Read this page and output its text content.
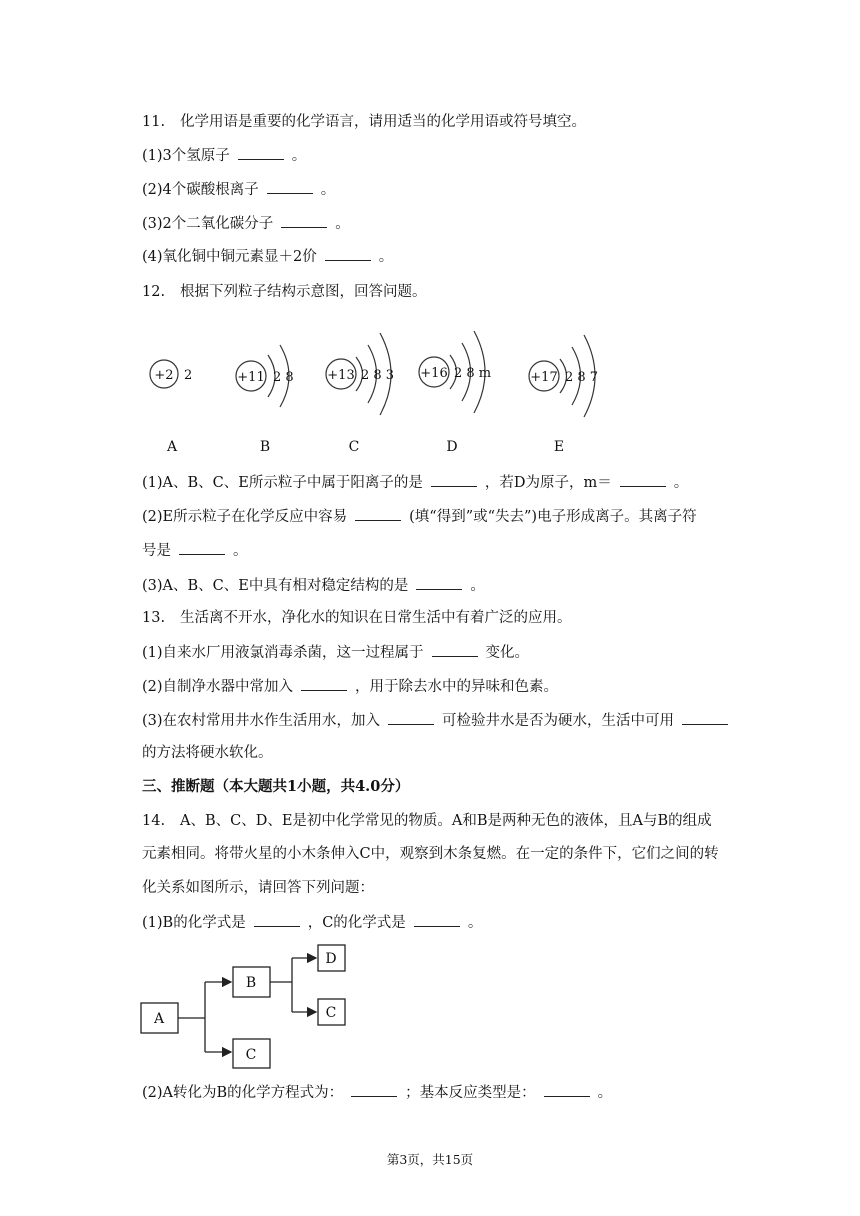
11. 化学用语是重要的化学语言，请用适当的化学用语或符号填空。
(1)3个氢原子	。
(2)4个碳酸根离子	。
(3)2个二氧化碳分子	。
(4)氧化铜中铜元素显＋2价	。
12. 根据下列粒子结构示意图，回答问题。
+2 2	+11 2 8	+13 2 8 3 +16 2 8 m	+17 2 8 7
A	B	C	D	E
(1)A、B、C、E所示粒子中属于阳离子的是	，若D为原子，m＝	。
(2)E所示粒子在化学反应中容易	(填“得到”或“失去”)电子形成离子。其离子符
号是	。
(3)A、B、C、E中具有相对稳定结构的是	。
13. 生活离不开水，净化水的知识在日常生活中有着广泛的应用。
(1)自来水厂用液氯消毒杀菌，这一过程属于	变化。
(2)自制净水器中常加入	，用于除去水中的异味和色素。
(3)在农村常用井水作生活用水，加入	可检验井水是否为硬水，生活中可用
的方法将硬水软化。
三、推断题（本大题共1小题，共4.0分）
14. A、B、C、D、E是初中化学常见的物质。A和B是两种无色的液体，且A与B的组成
元素相同。将带火星的小木条伸入C中，观察到木条复燃。在一定的条件下，它们之间的转
化关系如图所示，请回答下列问题：
(1)B的化学式是	，C的化学式是	。
A
B
D
C
C
(2)A转化为B的化学方程式为：	；基本反应类型是：	。
第3页，共15页
